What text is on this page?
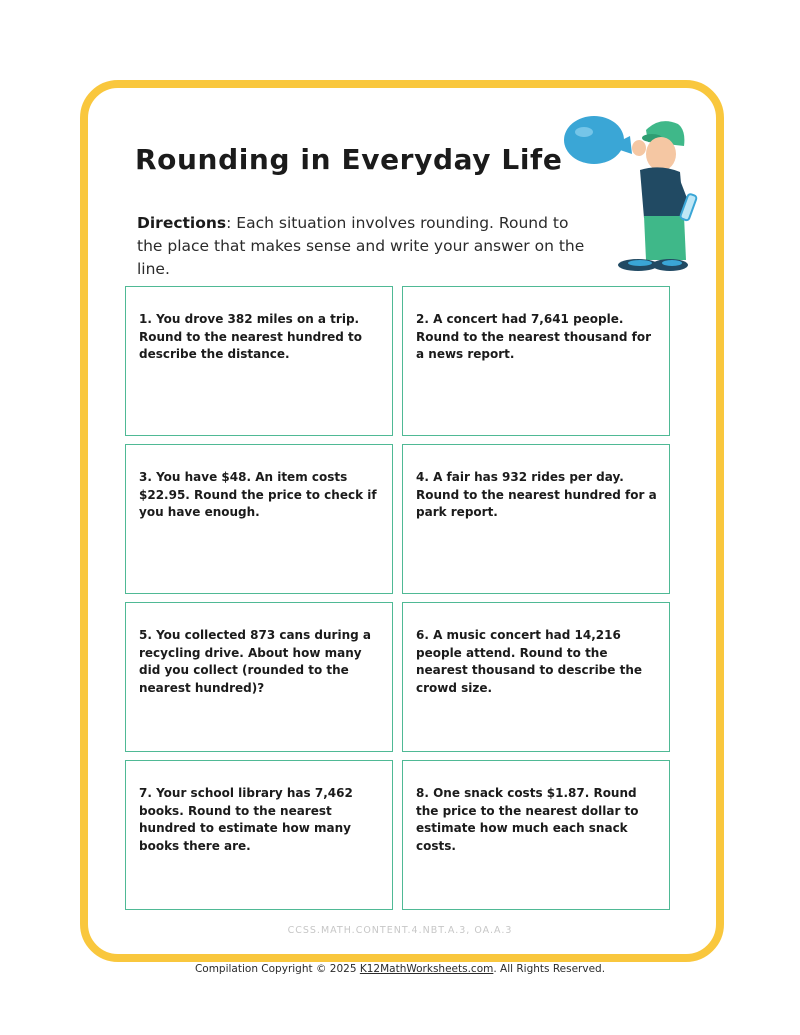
Rounding in Everyday Life
Directions: Each situation involves rounding. Round to the place that makes sense and write your answer on the line.

1. You drove 382 miles on a trip. Round to the nearest hundred to describe the distance.

2. A concert had 7,641 people. Round to the nearest thousand for a news report.

3. You have $48. An item costs $22.95. Round the price to check if you have enough.

4. A fair has 932 rides per day. Round to the nearest hundred for a park report.

5. You collected 873 cans during a recycling drive. About how many did you collect (rounded to the nearest hundred)?

6. A music concert had 14,216 people attend. Round to the nearest thousand to describe the crowd size.

7. Your school library has 7,462 books. Round to the nearest hundred to estimate how many books there are.

8. One snack costs $1.87. Round the price to the nearest dollar to estimate how much each snack costs.

CCSS.MATH.CONTENT.4.NBT.A.3, OA.A.3
Compilation Copyright © 2025 K12MathWorksheets.com. All Rights Reserved.
